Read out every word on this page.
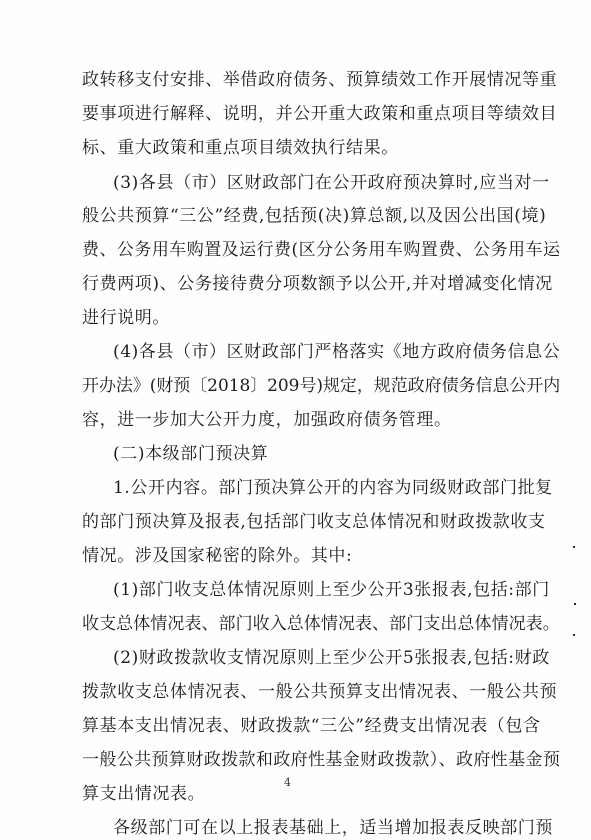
政转移支付安排、举借政府债务、预算绩效工作开展情况等重
要事项进行解释、说明，并公开重大政策和重点项目等绩效目
标、重大政策和重点项目绩效执行结果。
(3)各县（市）区财政部门在公开政府预决算时,应当对一
般公共预算“三公”经费,包括预(决)算总额,以及因公出国(境)
费、公务用车购置及运行费(区分公务用车购置费、公务用车运
行费两项)、公务接待费分项数额予以公开,并对增减变化情况
进行说明。
(4)各县（市）区财政部门严格落实《地方政府债务信息公
开办法》(财预〔2018〕209号)规定，规范政府债务信息公开内
容，进一步加大公开力度，加强政府债务管理。
(二)本级部门预决算
1.公开内容。部门预决算公开的内容为同级财政部门批复
的部门预决算及报表,包括部门收支总体情况和财政拨款收支
情况。涉及国家秘密的除外。其中:
(1)部门收支总体情况原则上至少公开3张报表,包括:部门
收支总体情况表、部门收入总体情况表、部门支出总体情况表。
(2)财政拨款收支情况原则上至少公开5张报表,包括:财政
拨款收支总体情况表、一般公共预算支出情况表、一般公共预
算基本支出情况表、财政拨款“三公”经费支出情况表（包含
一般公共预算财政拨款和政府性基金财政拨款）、政府性基金预
算支出情况表。
各级部门可在以上报表基础上，适当增加报表反映部门预
4
